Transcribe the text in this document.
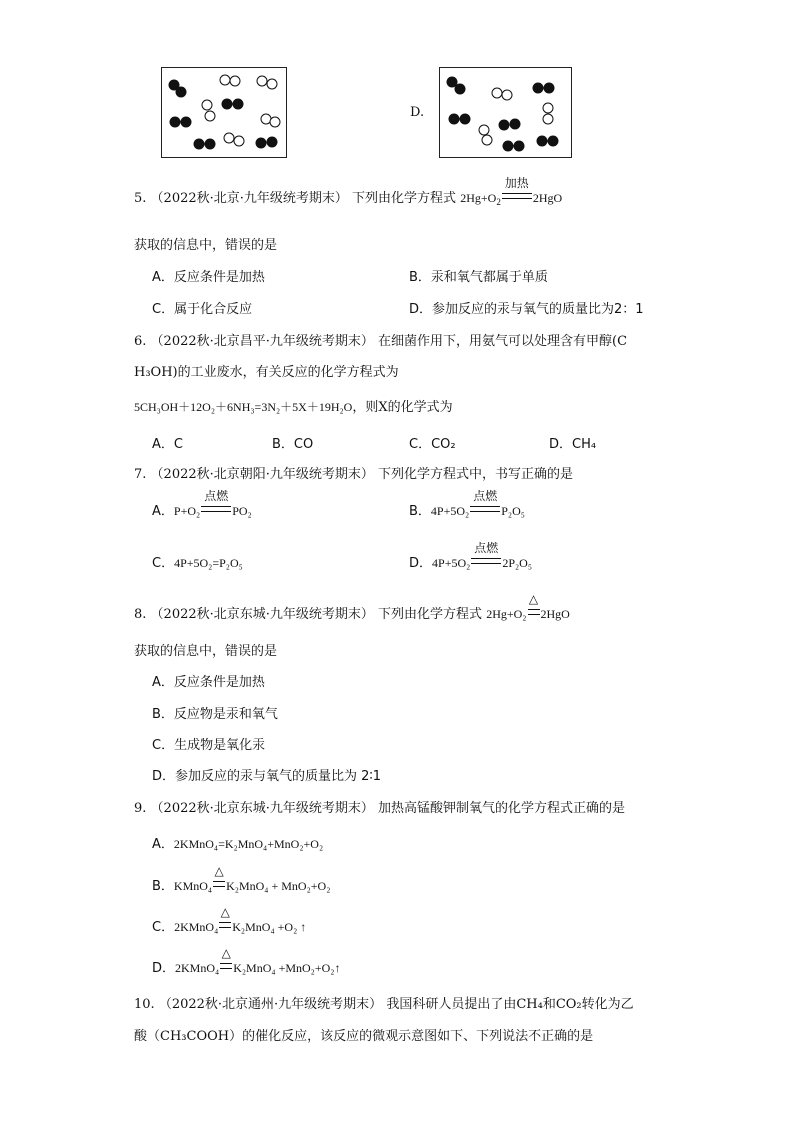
D.
5. （2022秋·北京·九年级统考期末） 下列由化学方程式 $2Hg+O_2$
加热
2HgO
获取的信息中，错误的是
A．反应条件是加热	B．汞和氧气都属于单质
C．属于化合反应	D．参加反应的汞与氧气的质量比为2：1
6. （2022秋·北京昌平·九年级统考期末） 在细菌作用下，用氨气可以处理含有甲醇(C
H₃OH)的工业废水，有关反应的化学方程式为
5CH₃OH＋12O₂＋6NH₃=3N₂＋5X＋19H₂O，则X的化学式为
A．C	B．CO	C．CO₂	D．CH₄
7. （2022秋·北京朝阳·九年级统考期末） 下列化学方程式中，书写正确的是
A．P+O₂
点燃
PO₂	B．4P+5O₂
点燃
P₂O₅
C．4P+5O₂=P₂O₅	D．4P+5O₂
点燃
2P₂O₅
8. （2022秋·北京东城·九年级统考期末） 下列由化学方程式 2Hg+O₂
△
2HgO
获取的信息中，错误的是
A．反应条件是加热
B．反应物是汞和氧气
C．生成物是氧化汞
D．参加反应的汞与氧气的质量比为 2∶1
9. （2022秋·北京东城·九年级统考期末） 加热高锰酸钾制氧气的化学方程式正确的是
A．2KMnO₄=K₂MnO₄+MnO₂+O₂
B．KMnO₄
△
K₂MnO₄ + MnO₂+O₂
C．2KMnO₄
△
K₂MnO₄ +O₂ ↑
D．2KMnO₄
△
K₂MnO₄ +MnO₂+O₂↑
10. （2022秋·北京通州·九年级统考期末） 我国科研人员提出了由CH₄和CO₂转化为乙
酸（CH₃COOH）的催化反应，该反应的微观示意图如下、下列说法不正确的是
